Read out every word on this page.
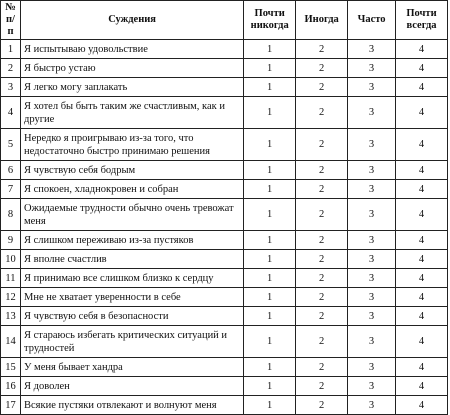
№ п/п	Суждения	Почти никогда	Иногда	Часто	Почти всегда
1	Я испытываю удовольствие	1	2	3	4
2	Я быстро устаю	1	2	3	4
3	Я легко могу заплакать	1	2	3	4
4	Я хотел бы быть таким же счастливым, как и другие	1	2	3	4
5	Нередко я проигрываю из-за того, что недостаточно быстро принимаю решения	1	2	3	4
6	Я чувствую себя бодрым	1	2	3	4
7	Я спокоен, хладнокровен и собран	1	2	3	4
8	Ожидаемые трудности обычно очень тревожат меня	1	2	3	4
9	Я слишком переживаю из-за пустяков	1	2	3	4
10	Я вполне счастлив	1	2	3	4
11	Я принимаю все слишком близко к сердцу	1	2	3	4
12	Мне не хватает уверенности в себе	1	2	3	4
13	Я чувствую себя в безопасности	1	2	3	4
14	Я стараюсь избегать критических ситуаций и трудностей	1	2	3	4
15	У меня бывает хандра	1	2	3	4
16	Я доволен	1	2	3	4
17	Всякие пустяки отвлекают и волнуют меня	1	2	3	4
